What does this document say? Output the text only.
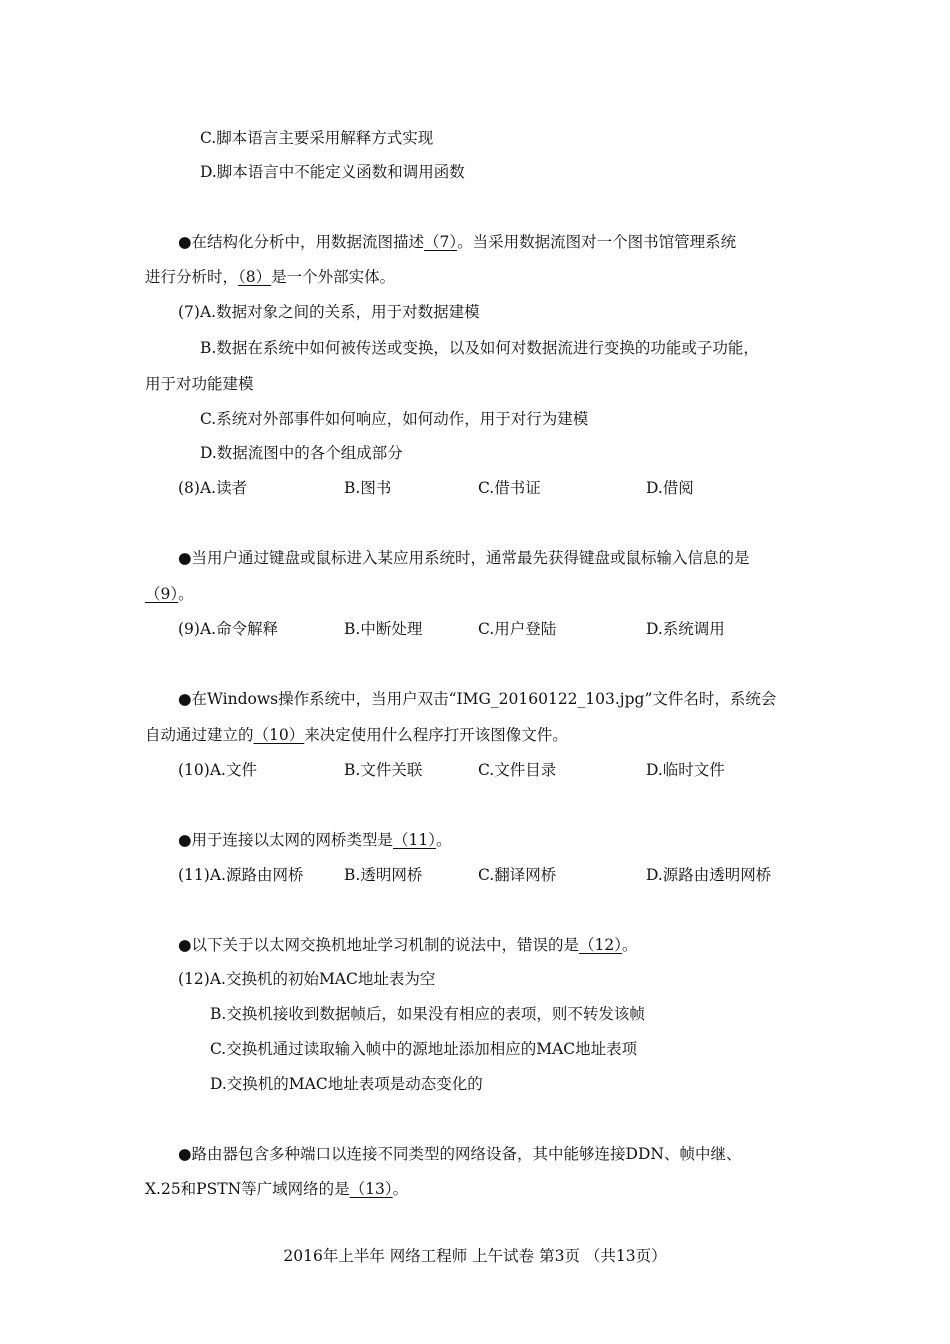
C.脚本语言主要采用解释方式实现
D.脚本语言中不能定义函数和调用函数
●在结构化分析中，用数据流图描述（7）。当采用数据流图对一个图书馆管理系统
进行分析时，（8）是一个外部实体。
(7)A.数据对象之间的关系，用于对数据建模
B.数据在系统中如何被传送或变换，以及如何对数据流进行变换的功能或子功能，
用于对功能建模
C.系统对外部事件如何响应，如何动作，用于对行为建模
D.数据流图中的各个组成部分
(8)A.读者	B.图书	C.借书证	D.借阅
●当用户通过键盘或鼠标进入某应用系统时，通常最先获得键盘或鼠标输入信息的是
（9）。
(9)A.命令解释	B.中断处理	C.用户登陆	D.系统调用
●在Windows操作系统中，当用户双击“IMG_20160122_103.jpg”文件名时，系统会
自动通过建立的（10）来决定使用什么程序打开该图像文件。
(10)A.文件	B.文件关联	C.文件目录	D.临时文件
●用于连接以太网的网桥类型是（11）。
(11)A.源路由网桥	B.透明网桥	C.翻译网桥	D.源路由透明网桥
●以下关于以太网交换机地址学习机制的说法中，错误的是（12）。
(12)A.交换机的初始MAC地址表为空
B.交换机接收到数据帧后，如果没有相应的表项，则不转发该帧
C.交换机通过读取输入帧中的源地址添加相应的MAC地址表项
D.交换机的MAC地址表项是动态变化的
●路由器包含多种端口以连接不同类型的网络设备，其中能够连接DDN、帧中继、
X.25和PSTN等广域网络的是（13）。
2016年上半年 网络工程师 上午试卷 第3页 （共13页）
